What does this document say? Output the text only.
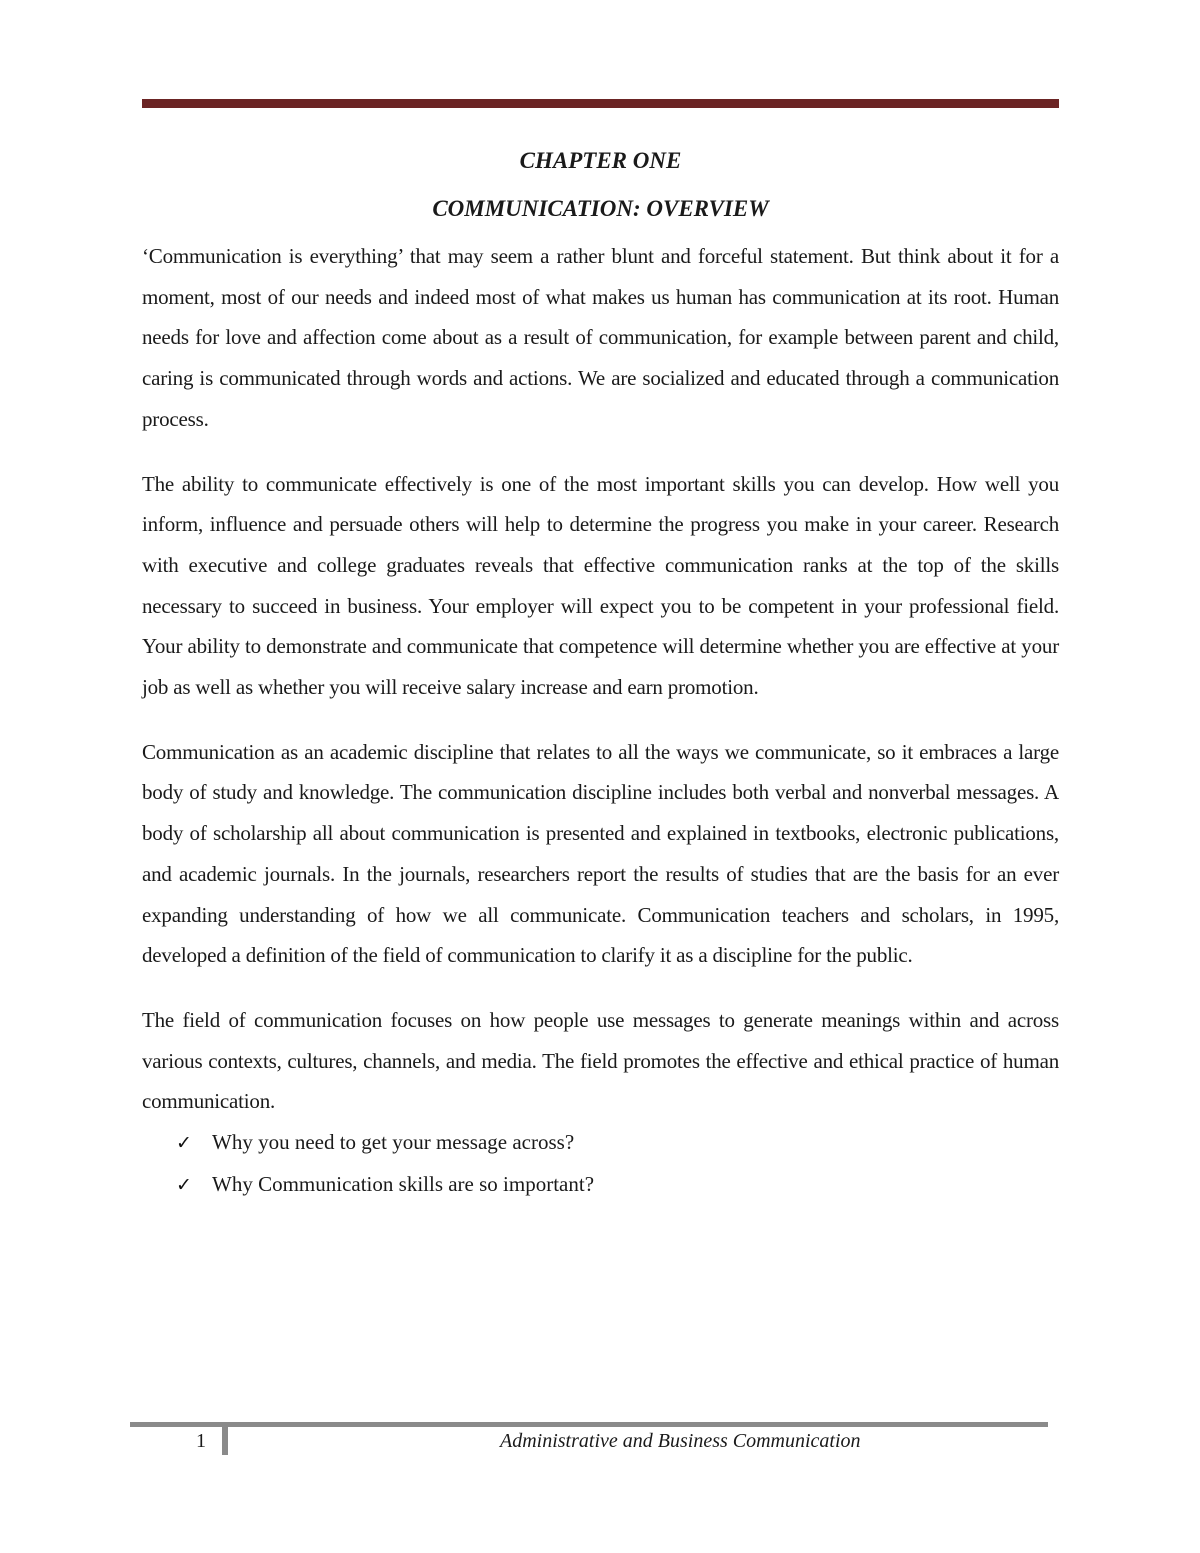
CHAPTER ONE
COMMUNICATION: OVERVIEW

‘Communication is everything’ that may seem a rather blunt and forceful statement. But think about it for a moment, most of our needs and indeed most of what makes us human has communication at its root. Human needs for love and affection come about as a result of communication, for example between parent and child, caring is communicated through words and actions. We are socialized and educated through a communication process.

The ability to communicate effectively is one of the most important skills you can develop. How well you inform, influence and persuade others will help to determine the progress you make in your career. Research with executive and college graduates reveals that effective communication ranks at the top of the skills necessary to succeed in business. Your employer will expect you to be competent in your professional field. Your ability to demonstrate and communicate that competence will determine whether you are effective at your job as well as whether you will receive salary increase and earn promotion.

Communication as an academic discipline that relates to all the ways we communicate, so it embraces a large body of study and knowledge. The communication discipline includes both verbal and nonverbal messages. A body of scholarship all about communication is presented and explained in textbooks, electronic publications, and academic journals. In the journals, researchers report the results of studies that are the basis for an ever expanding understanding of how we all communicate. Communication teachers and scholars, in 1995, developed a definition of the field of communication to clarify it as a discipline for the public.

The field of communication focuses on how people use messages to generate meanings within and across various contexts, cultures, channels, and media. The field promotes the effective and ethical practice of human communication.

✓ Why you need to get your message across?
✓ Why Communication skills are so important?
1	Administrative and Business Communication
